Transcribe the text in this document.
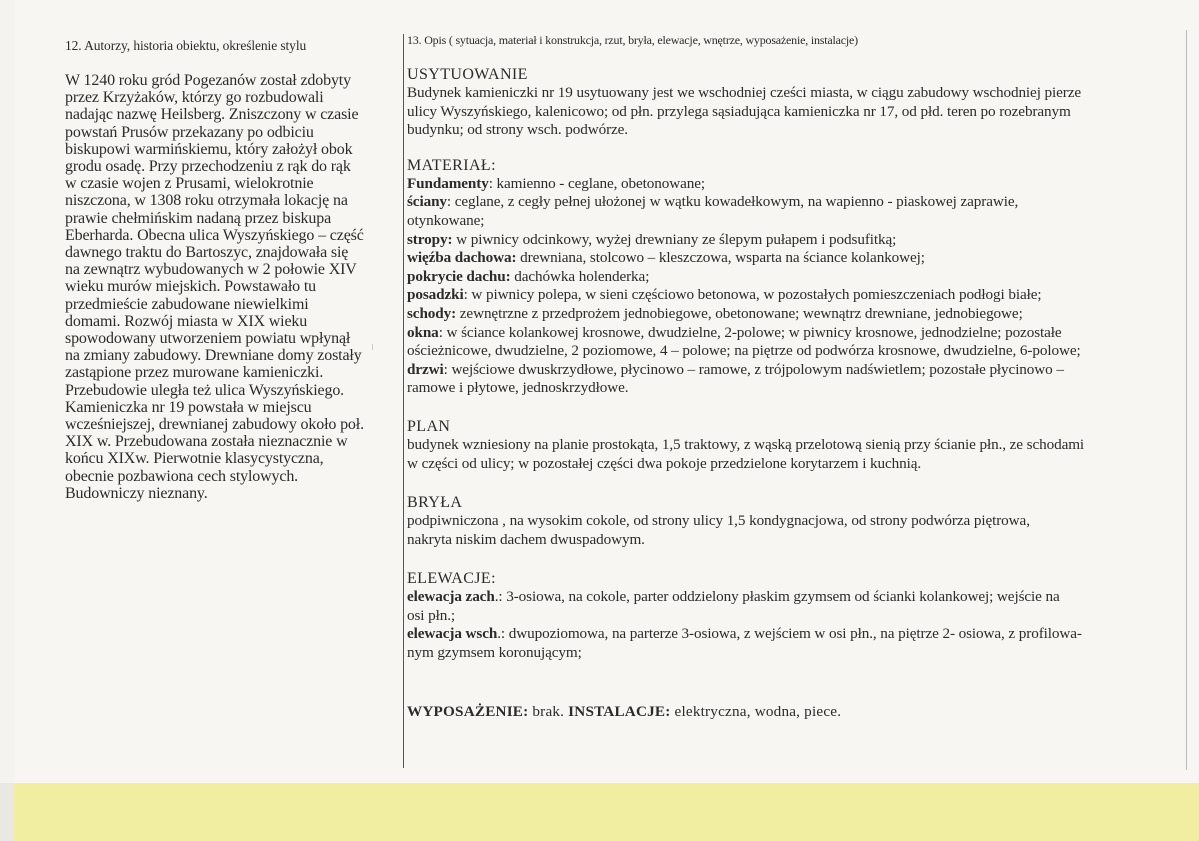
12. Autorzy, historia obiektu, określenie stylu

W 1240 roku gród Pogezanów został zdobyty
przez Krzyżaków, którzy go rozbudowali
nadając nazwę Heilsberg. Zniszczony w czasie
powstań Prusów przekazany po odbiciu
biskupowi warmińskiemu, który założył obok
grodu osadę. Przy przechodzeniu z rąk do rąk
w czasie wojen z Prusami, wielokrotnie
niszczona, w 1308 roku otrzymała lokację na
prawie chełmińskim nadaną przez biskupa
Eberharda. Obecna ulica Wyszyńskiego – część
dawnego traktu do Bartoszyc, znajdowała się
na zewnątrz wybudowanych w 2 połowie XIV
wieku murów miejskich. Powstawało tu
przedmieście zabudowane niewielkimi
domami. Rozwój miasta w XIX wieku
spowodowany utworzeniem powiatu wpłynął
na zmiany zabudowy. Drewniane domy zostały
zastąpione przez murowane kamieniczki.
Przebudowie uległa też ulica Wyszyńskiego.
Kamieniczka nr 19 powstała w miejscu
wcześniejszej, drewnianej zabudowy około poł.
XIX w. Przebudowana została nieznacznie w
końcu XIXw. Pierwotnie klasycystyczna,
obecnie pozbawiona cech stylowych.
Budowniczy nieznany.

13. Opis ( sytuacja, materiał i konstrukcja, rzut, bryła, elewacje, wnętrze, wyposażenie, instalacje)

USYTUOWANIE

Budynek kamieniczki nr 19 usytuowany jest we wschodniej cześci miasta, w ciągu zabudowy wschodniej pierze
ulicy Wyszyńskiego, kalenicowo; od płn. przylega sąsiadująca kamieniczka nr 17, od płd. teren po rozebranym
budynku; od strony wsch. podwórze.

MATERIAŁ:

Fundamenty: kamienno - ceglane, obetonowane;
ściany: ceglane, z cegły pełnej ułożonej w wątku kowadełkowym, na wapienno - piaskowej zaprawie,
otynkowane;
stropy: w piwnicy odcinkowy, wyżej drewniany ze ślepym pułapem i podsufitką;
więźba dachowa: drewniana, stolcowo – kleszczowa, wsparta na ściance kolankowej;
pokrycie dachu: dachówka holenderka;
posadzki: w piwnicy polepa, w sieni częściowo betonowa, w pozostałych pomieszczeniach podłogi białe;
schody: zewnętrzne z przedprożem jednobiegowe, obetonowane; wewnątrz drewniane, jednobiegowe;
okna: w ściance kolankowej krosnowe, dwudzielne, 2-polowe; w piwnicy krosnowe, jednodzielne; pozostałe
ościeżnicowe, dwudzielne, 2 poziomowe, 4 – polowe; na piętrze od podwórza krosnowe, dwudzielne, 6-polowe;
drzwi: wejściowe dwuskrzydłowe, płycinowo – ramowe, z trójpolowym nadświetlem; pozostałe płycinowo –
ramowe i płytowe, jednoskrzydłowe.

PLAN

budynek wzniesiony na planie prostokąta, 1,5 traktowy, z wąską przelotową sienią przy ścianie płn., ze schodami
w części od ulicy; w pozostałej części dwa pokoje przedzielone korytarzem i kuchnią.

BRYŁA

podpiwniczona , na wysokim cokole, od strony ulicy 1,5 kondygnacjowa, od strony podwórza piętrowa,
nakryta niskim dachem dwuspadowym.

ELEWACJE:

elewacja zach.: 3-osiowa, na cokole, parter oddzielony płaskim gzymsem od ścianki kolankowej; wejście na
osi płn.;
elewacja wsch.: dwupoziomowa, na parterze 3-osiowa, z wejściem w osi płn., na piętrze 2- osiowa, z profilowa-
nym gzymsem koronującym;

WYPOSAŻENIE: brak. INSTALACJE: elektryczna, wodna, piece.
